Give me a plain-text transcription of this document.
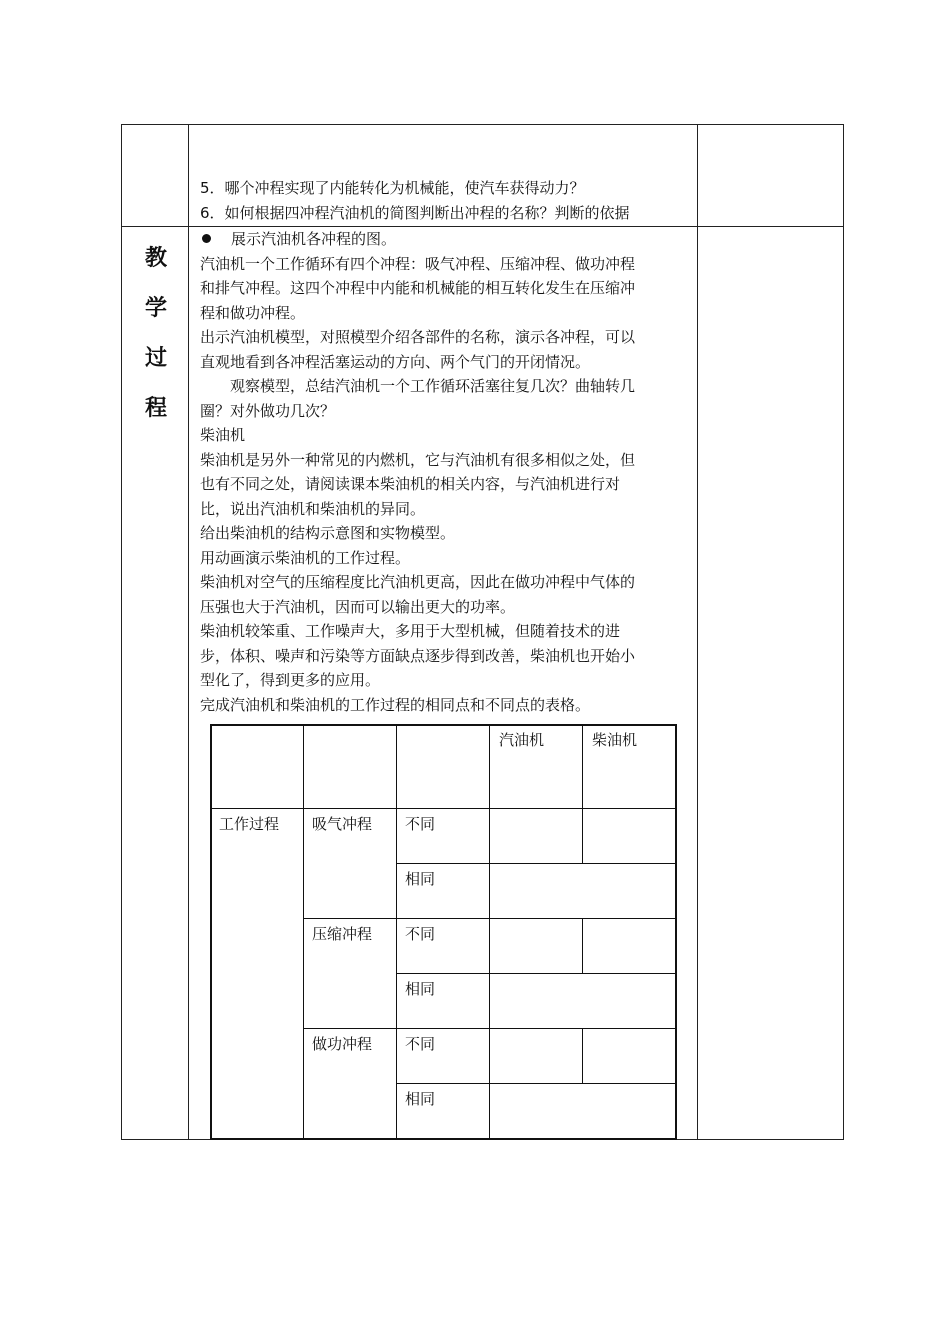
5．哪个冲程实现了内能转化为机械能，使汽车获得动力？
6．如何根据四冲程汽油机的简图判断出冲程的名称？判断的依据
教
学
过
程
展示汽油机各冲程的图。
汽油机一个工作循环有四个冲程：吸气冲程、压缩冲程、做功冲程
和排气冲程。这四个冲程中内能和机械能的相互转化发生在压缩冲
程和做功冲程。
出示汽油机模型，对照模型介绍各部件的名称，演示各冲程，可以
直观地看到各冲程活塞运动的方向、两个气门的开闭情况。
　　观察模型，总结汽油机一个工作循环活塞往复几次？曲轴转几
圈？对外做功几次？
柴油机
柴油机是另外一种常见的内燃机，它与汽油机有很多相似之处，但
也有不同之处，请阅读课本柴油机的相关内容，与汽油机进行对
比，说出汽油机和柴油机的异同。
给出柴油机的结构示意图和实物模型。
用动画演示柴油机的工作过程。
柴油机对空气的压缩程度比汽油机更高，因此在做功冲程中气体的
压强也大于汽油机，因而可以输出更大的功率。
柴油机较笨重、工作噪声大，多用于大型机械，但随着技术的进
步，体积、噪声和污染等方面缺点逐步得到改善，柴油机也开始小
型化了，得到更多的应用。
完成汽油机和柴油机的工作过程的相同点和不同点的表格。
汽油机	柴油机
工作过程 吸气冲程
压缩冲程
做功冲程
不同
相同
不同
相同
不同
相同
